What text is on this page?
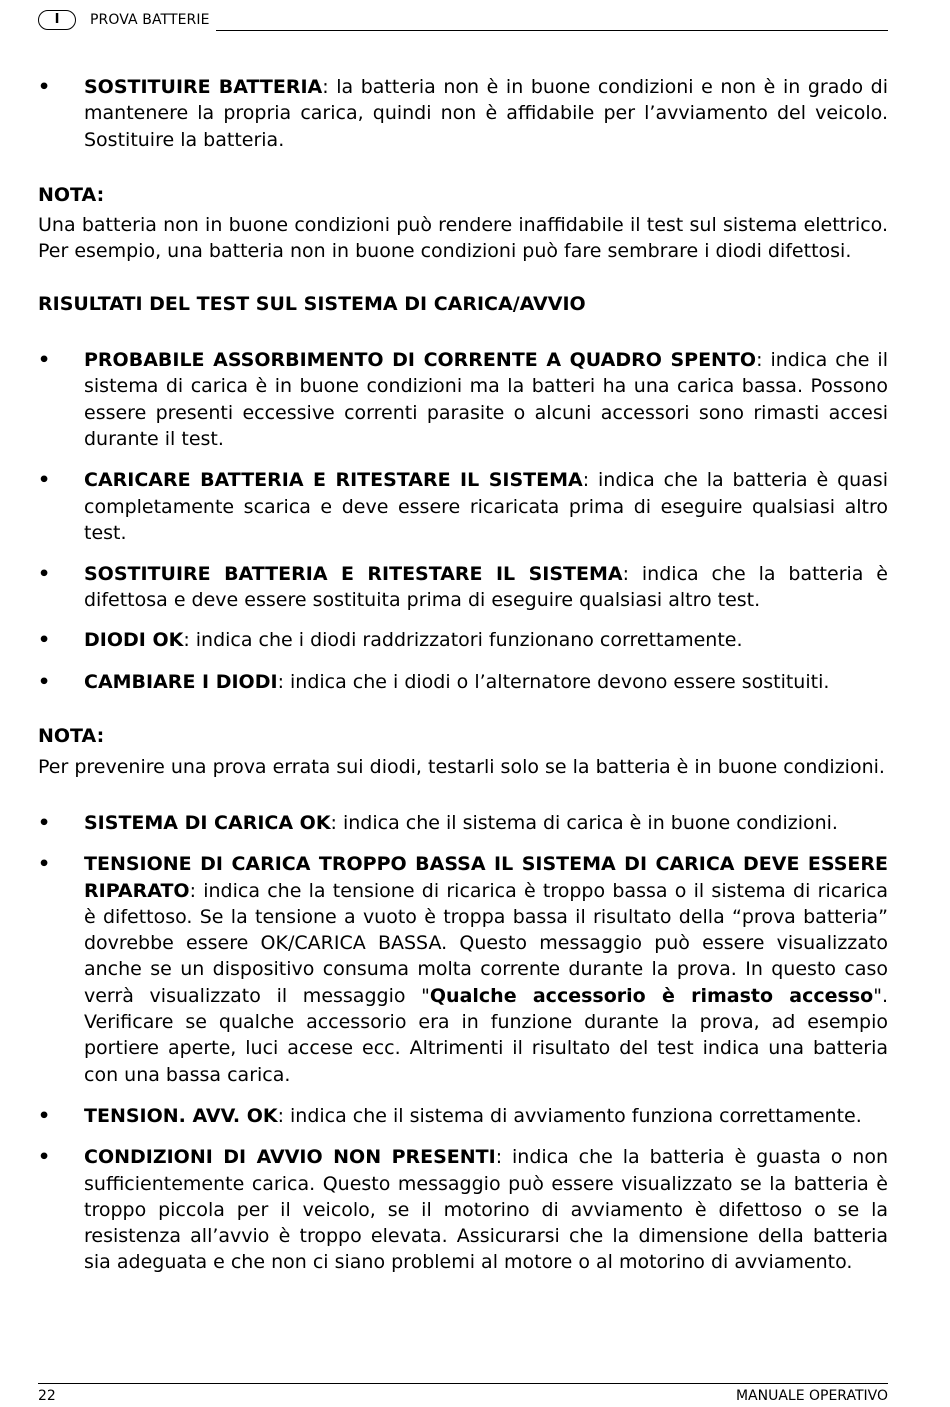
I	PROVA BATTERIE

• SOSTITUIRE BATTERIA: la batteria non è in buone condizioni e non è in grado di mantenere la propria carica, quindi non è affidabile per l’avviamento del veicolo. Sostituire la batteria.

NOTA:

Una batteria non in buone condizioni può rendere inaffidabile il test sul sistema elettrico. Per esempio, una batteria non in buone condizioni può fare sembrare i diodi difettosi.

RISULTATI DEL TEST SUL SISTEMA DI CARICA/AVVIO

• PROBABILE ASSORBIMENTO DI CORRENTE A QUADRO SPENTO: indica che il sistema di carica è in buone condizioni ma la batteri ha una carica bassa. Possono essere presenti eccessive correnti parasite o alcuni accessori sono rimasti accesi durante il test.

• CARICARE BATTERIA E RITESTARE IL SISTEMA: indica che la batteria è quasi completamente scarica e deve essere ricaricata prima di eseguire qualsiasi altro test.

• SOSTITUIRE BATTERIA E RITESTARE IL SISTEMA: indica che la batteria è difettosa e deve essere sostituita prima di eseguire qualsiasi altro test.

• DIODI OK: indica che i diodi raddrizzatori funzionano correttamente.

• CAMBIARE I DIODI: indica che i diodi o l’alternatore devono essere sostituiti.

NOTA:

Per prevenire una prova errata sui diodi, testarli solo se la batteria è in buone condizioni.

• SISTEMA DI CARICA OK: indica che il sistema di carica è in buone condizioni.

• TENSIONE DI CARICA TROPPO BASSA IL SISTEMA DI CARICA DEVE ESSERE RIPARATO: indica che la tensione di ricarica è troppo bassa o il sistema di ricarica è difettoso. Se la tensione a vuoto è troppa bassa il risultato della “prova batteria” dovrebbe essere OK/CARICA BASSA. Questo messaggio può essere visualizzato anche se un dispositivo consuma molta corrente durante la prova. In questo caso verrà visualizzato il messaggio "Qualche accessorio è rimasto accesso". Verificare se qualche accessorio era in funzione durante la prova, ad esempio portiere aperte, luci accese ecc. Altrimenti il risultato del test indica una batteria con una bassa carica.

• TENSION. AVV. OK: indica che il sistema di avviamento funziona correttamente.

• CONDIZIONI DI AVVIO NON PRESENTI: indica che la batteria è guasta o non sufficientemente carica. Questo messaggio può essere visualizzato se la batteria è troppo piccola per il veicolo, se il motorino di avviamento è difettoso o se la resistenza all’avvio è troppo elevata. Assicurarsi che la dimensione della batteria sia adeguata e che non ci siano problemi al motore o al motorino di avviamento.

22	MANUALE OPERATIVO
